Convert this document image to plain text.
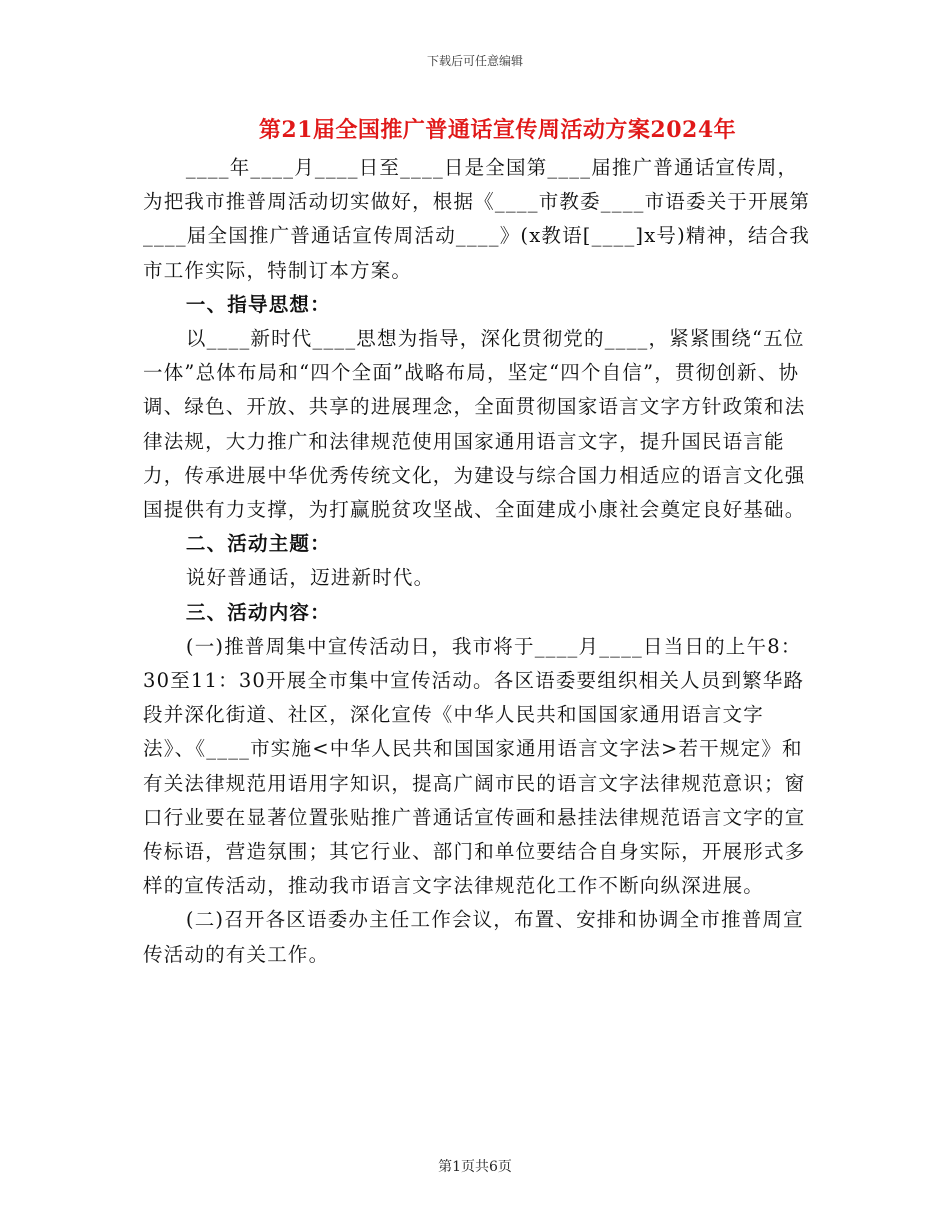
下载后可任意编辑
第21届全国推广普通话宣传周活动方案2024年

____年____月____日至____日是全国第____届推广普通话宣传周，为把我市推普周活动切实做好，根据《____市教委____市语委关于开展第____届全国推广普通话宣传周活动____》(x教语[____]x号)精神，结合我市工作实际，特制订本方案。

一、指导思想：

以____新时代____思想为指导，深化贯彻党的____，紧紧围绕“五位一体”总体布局和“四个全面”战略布局，坚定“四个自信”，贯彻创新、协调、绿色、开放、共享的进展理念，全面贯彻国家语言文字方针政策和法律法规，大力推广和法律规范使用国家通用语言文字，提升国民语言能力，传承进展中华优秀传统文化，为建设与综合国力相适应的语言文化强国提供有力支撑，为打赢脱贫攻坚战、全面建成小康社会奠定良好基础。

二、活动主题：

说好普通话，迈进新时代。

三、活动内容：

(一)推普周集中宣传活动日，我市将于____月____日当日的上午8：30至11：30开展全市集中宣传活动。各区语委要组织相关人员到繁华路段并深化街道、社区，深化宣传《中华人民共和国国家通用语言文字法》、《____市实施<中华人民共和国国家通用语言文字法>若干规定》和有关法律规范用语用字知识，提高广阔市民的语言文字法律规范意识；窗口行业要在显著位置张贴推广普通话宣传画和悬挂法律规范语言文字的宣传标语，营造氛围；其它行业、部门和单位要结合自身实际，开展形式多样的宣传活动，推动我市语言文字法律规范化工作不断向纵深进展。

(二)召开各区语委办主任工作会议，布置、安排和协调全市推普周宣传活动的有关工作。

第1页共6页
